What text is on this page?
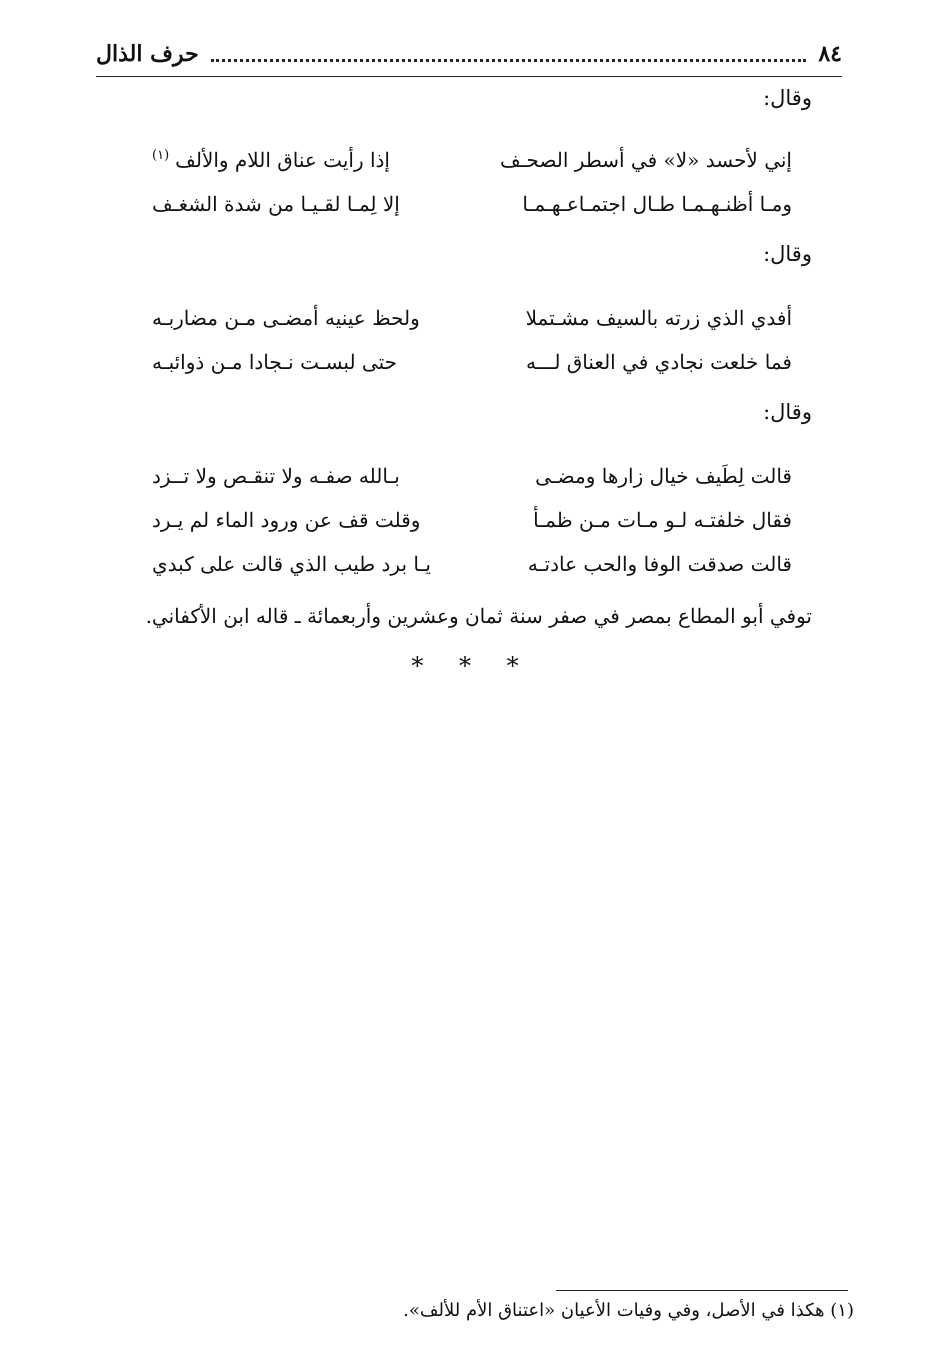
٨٤
حرف الذال
وقال:
إني لأحسد «لا» في أسطر الصحـف
إذا رأيت عناق اللام والألف$^{(١)}$
ومـا أظنـهـمـا طـال اجتمـاعـهـمـا
إلا لِمـا لقـيـا من شدة الشغـف
وقال:
أفدي الذي زرته بالسيف مشـتملا
ولحظ عينيه أمضـى مـن مضاربـه
فما خلعت نجادي في العناق لـــه
حتى لبسـت نـجادا مـن ذوائبـه
وقال:
قالت لِطَيف خيال زارها ومضـى
بـالله صفـه ولا تنقـص ولا تــزد
فقال خلفتـه لـو مـات مـن ظمـأ
وقلت قف عن ورود الماء لم يـرد
قالت صدقت الوفا والحب عادتـه
يـا برد طيب الذي قالت على كبدي
توفي أبو المطاع بمصر في صفر سنة ثمان وعشرين وأربعمائة ـ قاله ابن الأكفاني.
* * *
(١) هكذا في الأصل، وفي وفيات الأعيان «اعتناق الأم للألف».
